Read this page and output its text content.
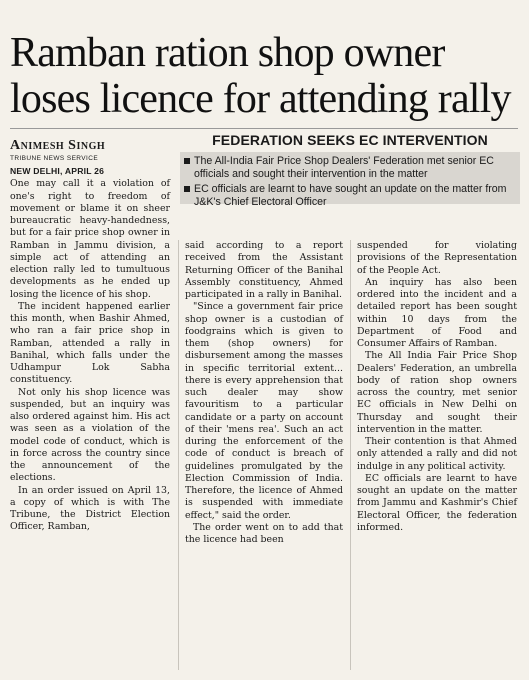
Ramban ration shop owner
loses licence for attending rally
Animesh Singh
TRIBUNE NEWS SERVICE
FEDERATION SEEKS EC INTERVENTION
The All-India Fair Price Shop Dealers' Federation met senior EC officials and sought their intervention in the matter
EC officials are learnt to have sought an update on the matter from J&K's Chief Electoral Officer

NEW DELHI, APRIL 26

One may call it a violation of one's right to freedom of movement or blame it on sheer bureaucratic heavy-handedness, but for a fair price shop owner in Ramban in Jammu division, a simple act of attending an election rally led to tumultuous developments as he ended up losing the licence of his shop.

The incident happened earlier this month, when Bashir Ahmed, who ran a fair price shop in Ramban, attended a rally in Banihal, which falls under the Udhampur Lok Sabha constituency.

Not only his shop licence was suspended, but an inquiry was also ordered against him. His act was seen as a violation of the model code of conduct, which is in force across the country since the announcement of the elections.

In an order issued on April 13, a copy of which is with The Tribune, the District Election Officer, Ramban,

said according to a report received from the Assistant Returning Officer of the Banihal Assembly constituency, Ahmed participated in a rally in Banihal.

"Since a government fair price shop owner is a custodian of foodgrains which is given to them (shop owners) for disbursement among the masses in specific territorial extent... there is every apprehension that such dealer may show favouritism to a particular candidate or a party on account of their 'mens rea'. Such an act during the enforcement of the code of conduct is breach of guidelines promulgated by the Election Commission of India. Therefore, the licence of Ahmed is suspended with immediate effect," said the order.

The order went on to add that the licence had been

suspended for violating provisions of the Representation of the People Act.

An inquiry has also been ordered into the incident and a detailed report has been sought within 10 days from the Department of Food and Consumer Affairs of Ramban.

The All India Fair Price Shop Dealers' Federation, an umbrella body of ration shop owners across the country, met senior EC officials in New Delhi on Thursday and sought their intervention in the matter.

Their contention is that Ahmed only attended a rally and did not indulge in any political activity.

EC officials are learnt to have sought an update on the matter from Jammu and Kashmir's Chief Electoral Officer, the federation informed.
